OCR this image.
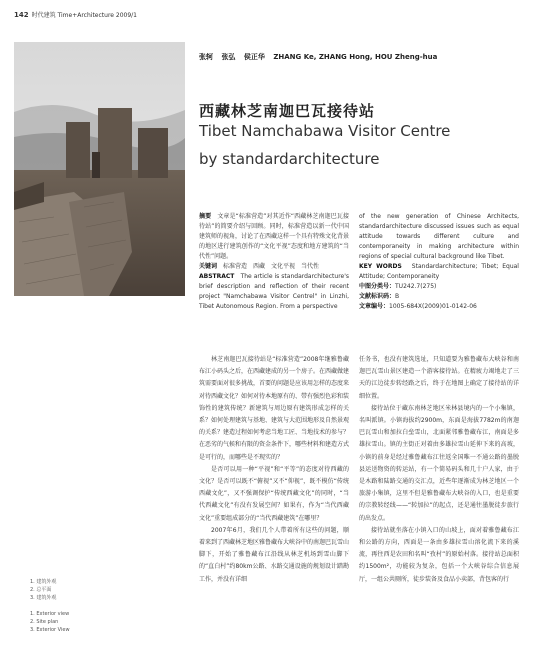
142 时代建筑 Time+Architecture 2009/1
张轲 张弘 侯正华 ZHANG Ke, ZHANG Hong, HOU Zheng-hua
西藏林芝南迦巴瓦接待站
Tibet Namchabawa Visitor Centre
by standardarchitecture

摘要　 文章是“标准营造”对其近作“西藏林芝南迦巴瓦接待站”的简要介绍与回顾。同时，标准营造以新一代中国建筑师的视角，讨论了在西藏这样一个具有特殊文化背景的地区进行建筑创作的“文化平视”态度和地方建筑的“当代性”问题。

关键词　 标准营造　西藏　文化平视　当代性

ABSTRACT　 The article is standardarchitecture's brief description and reflection of their recent project "Namchabawa Visitor Centrel" in Linzhi, Tibet Autonomous Region. From a perspective

of the new generation of Chinese Architects, standardarchitecture discussed issues such as equal attitude towards different culture and contemporaneity in making architecture within regions of special cultural background like Tibet.

KEY WORDS　 Standardarchitecture; Tibet; Equal Attitude; Contemporaneity

中图分类号：TU242.7(275)

文献标识码：B

文章编号：1005-684X(2009)01-0142-06

林芝南迦巴瓦接待站是“标准营造”2008年继雅鲁藏布江小码头之后，在西藏建成的另一个房子。在西藏做建筑需要面对很多挑战，首要的问题是应该用怎样的态度来对待西藏文化？如何对待本地原有的、带有强烈色彩和装饰性的建筑传统？新建筑与周边原有建筑形成怎样的关系？如何处理建筑与基地、建筑与大范围地形及自然景观的关系？建造过程如何考虑当地工匠、当地技术的参与？在恶劣的气候和有限的资金条件下，哪些材料和建造方式是可行的，而哪些是不现实的？

是否可以用一种“平视”和“平等”的态度对待西藏的文化？是否可以既不“俯视”又不“仰视”，既不模仿“传统西藏文化”，又不强调保护“传统西藏文化”的同时，“当代西藏文化”有没有发展空间？如果有，作为“当代西藏文化”重要组成部分的“当代西藏建筑”在哪里？

2007年6月，我们几个人带着所有这些的问题，顺着来到了西藏林芝地区雅鲁藏布大峡谷中的南迦巴瓦雪山脚下，开始了雅鲁藏布江沿线从林芝机场到雪山脚下的“直白村”约80km公路、水路交通设施的规划设计踏勘工作，并没有详细

任务书，也没有建筑选址，只知道要为雅鲁藏布大峡谷和南迦巴瓦雪山景区建造一个游客接待站。在精疲力竭地走了三天的江边徒步转经路之后，终于在地图上确定了接待站的详细位置。

接待站位于藏东南林芝地区米林县境内的一个小集镇，名叫派镇。小镇海拔约2900m，东面是海拔7782m的南迦巴瓦雪山和加拉白垒雪山，北面紧邻雅鲁藏布江，南面是多雄拉雪山。镇的主街正对着由多雄拉雪山延伸下来的高坡，小镇的前身是经过雅鲁藏布江往返全国唯一不通公路的墨脱县运送物资的转运站，有一个简易码头和几十户人家，由于是木路和陆路交通的交汇点，近些年逐渐成为林芝地区一个旅游小集镇，这里不但是雅鲁藏布大峡谷的入口，也是重要的宗教转经线——“转加拉”的起点，还是通往墨脱徒步旅行的出发点。

接待站就坐落在小镇入口的山坡上，面对着雅鲁藏布江和公路的方向，西面是一条由多雄拉雪山溶化流下来的溪流，再往西是农田和名叫“孜村”的原始村落。接待站总面积约1500m²，功能较为复杂，包括一个大峡谷综合信息展厅，一组公共厕所，徒步装备及食品小卖部，背包客的行

1. 建筑外观
2. 总平面
3. 建筑外观
1. Exterior view
2. Site plan
3. Exterior View
